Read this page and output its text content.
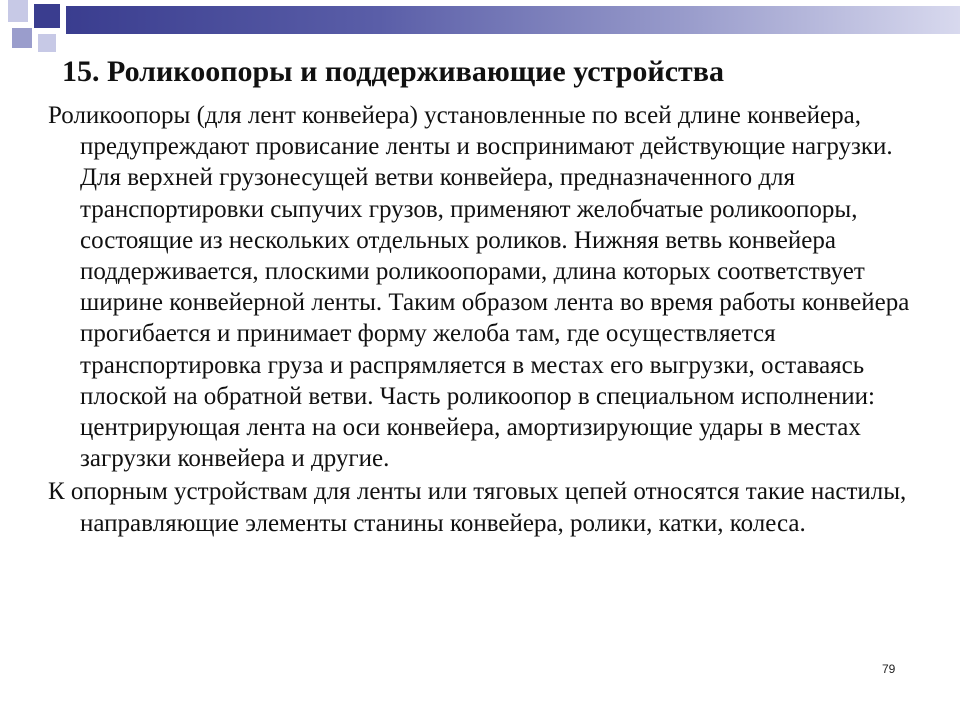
15. Роликоопоры и поддерживающие устройства

Роликоопоры (для лент конвейера) установленные по всей длине конвейера, предупреждают провисание ленты и воспринимают действующие нагрузки. Для верхней грузонесущей ветви конвейера, предназначенного для транспортировки сыпучих грузов, применяют желобчатые роликоопоры, состоящие из нескольких отдельных роликов. Нижняя ветвь конвейера поддерживается, плоскими роликоопорами, длина которых соответствует ширине конвейерной ленты. Таким образом лента во время работы конвейера прогибается и принимает форму желоба там, где осуществляется транспортировка груза и распрямляется в местах его выгрузки, оставаясь плоской на обратной ветви. Часть роликоопор в специальном исполнении: центрирующая лента на оси конвейера, амортизирующие удары в местах загрузки конвейера и другие.

К опорным устройствам для ленты или тяговых цепей относятся такие настилы, направляющие элементы станины конвейера, ролики, катки, колеса.

79
